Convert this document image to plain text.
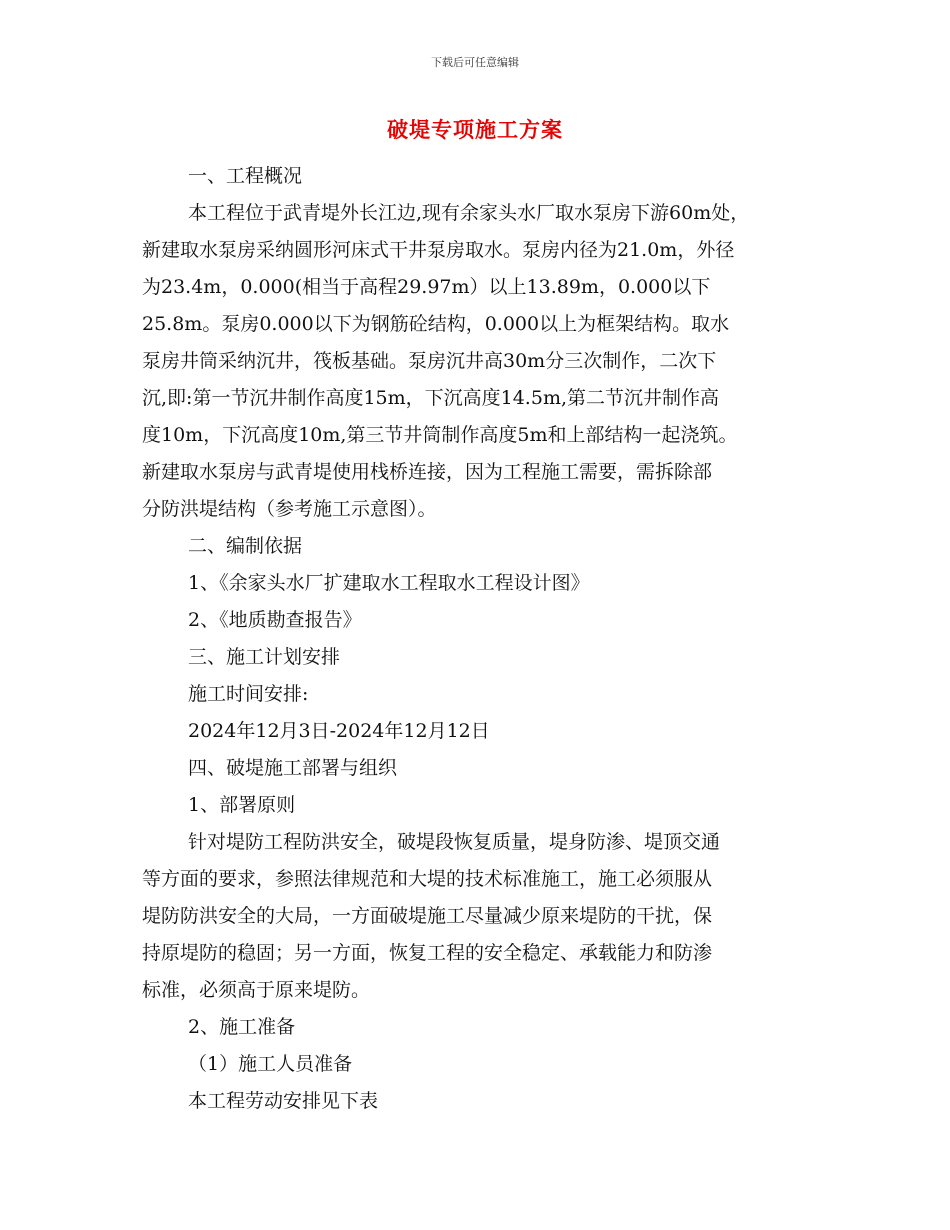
下载后可任意编辑
破堤专项施工方案
一、工程概况
本工程位于武青堤外长江边,现有余家头水厂取水泵房下游60m处，
新建取水泵房采纳圆形河床式干井泵房取水。泵房内径为21.0m，外径
为23.4m，0.000(相当于高程29.97m）以上13.89m，0.000以下
25.8m。泵房0.000以下为钢筋砼结构，0.000以上为框架结构。取水
泵房井筒采纳沉井，筏板基础。泵房沉井高30m分三次制作，二次下
沉,即:第一节沉井制作高度15m，下沉高度14.5m,第二节沉井制作高
度10m，下沉高度10m,第三节井筒制作高度5m和上部结构一起浇筑。
新建取水泵房与武青堤使用栈桥连接，因为工程施工需要，需拆除部
分防洪堤结构（参考施工示意图）。
二、编制依据
1、《余家头水厂扩建取水工程取水工程设计图》
2、《地质勘查报告》
三、施工计划安排
施工时间安排:
2024年12月3日-2024年12月12日
四、破堤施工部署与组织
1、部署原则
针对堤防工程防洪安全，破堤段恢复质量，堤身防渗、堤顶交通
等方面的要求，参照法律规范和大堤的技术标准施工，施工必须服从
堤防防洪安全的大局，一方面破堤施工尽量减少原来堤防的干扰，保
持原堤防的稳固；另一方面，恢复工程的安全稳定、承载能力和防渗
标准，必须高于原来堤防。
2、施工准备
（1）施工人员准备
本工程劳动安排见下表
